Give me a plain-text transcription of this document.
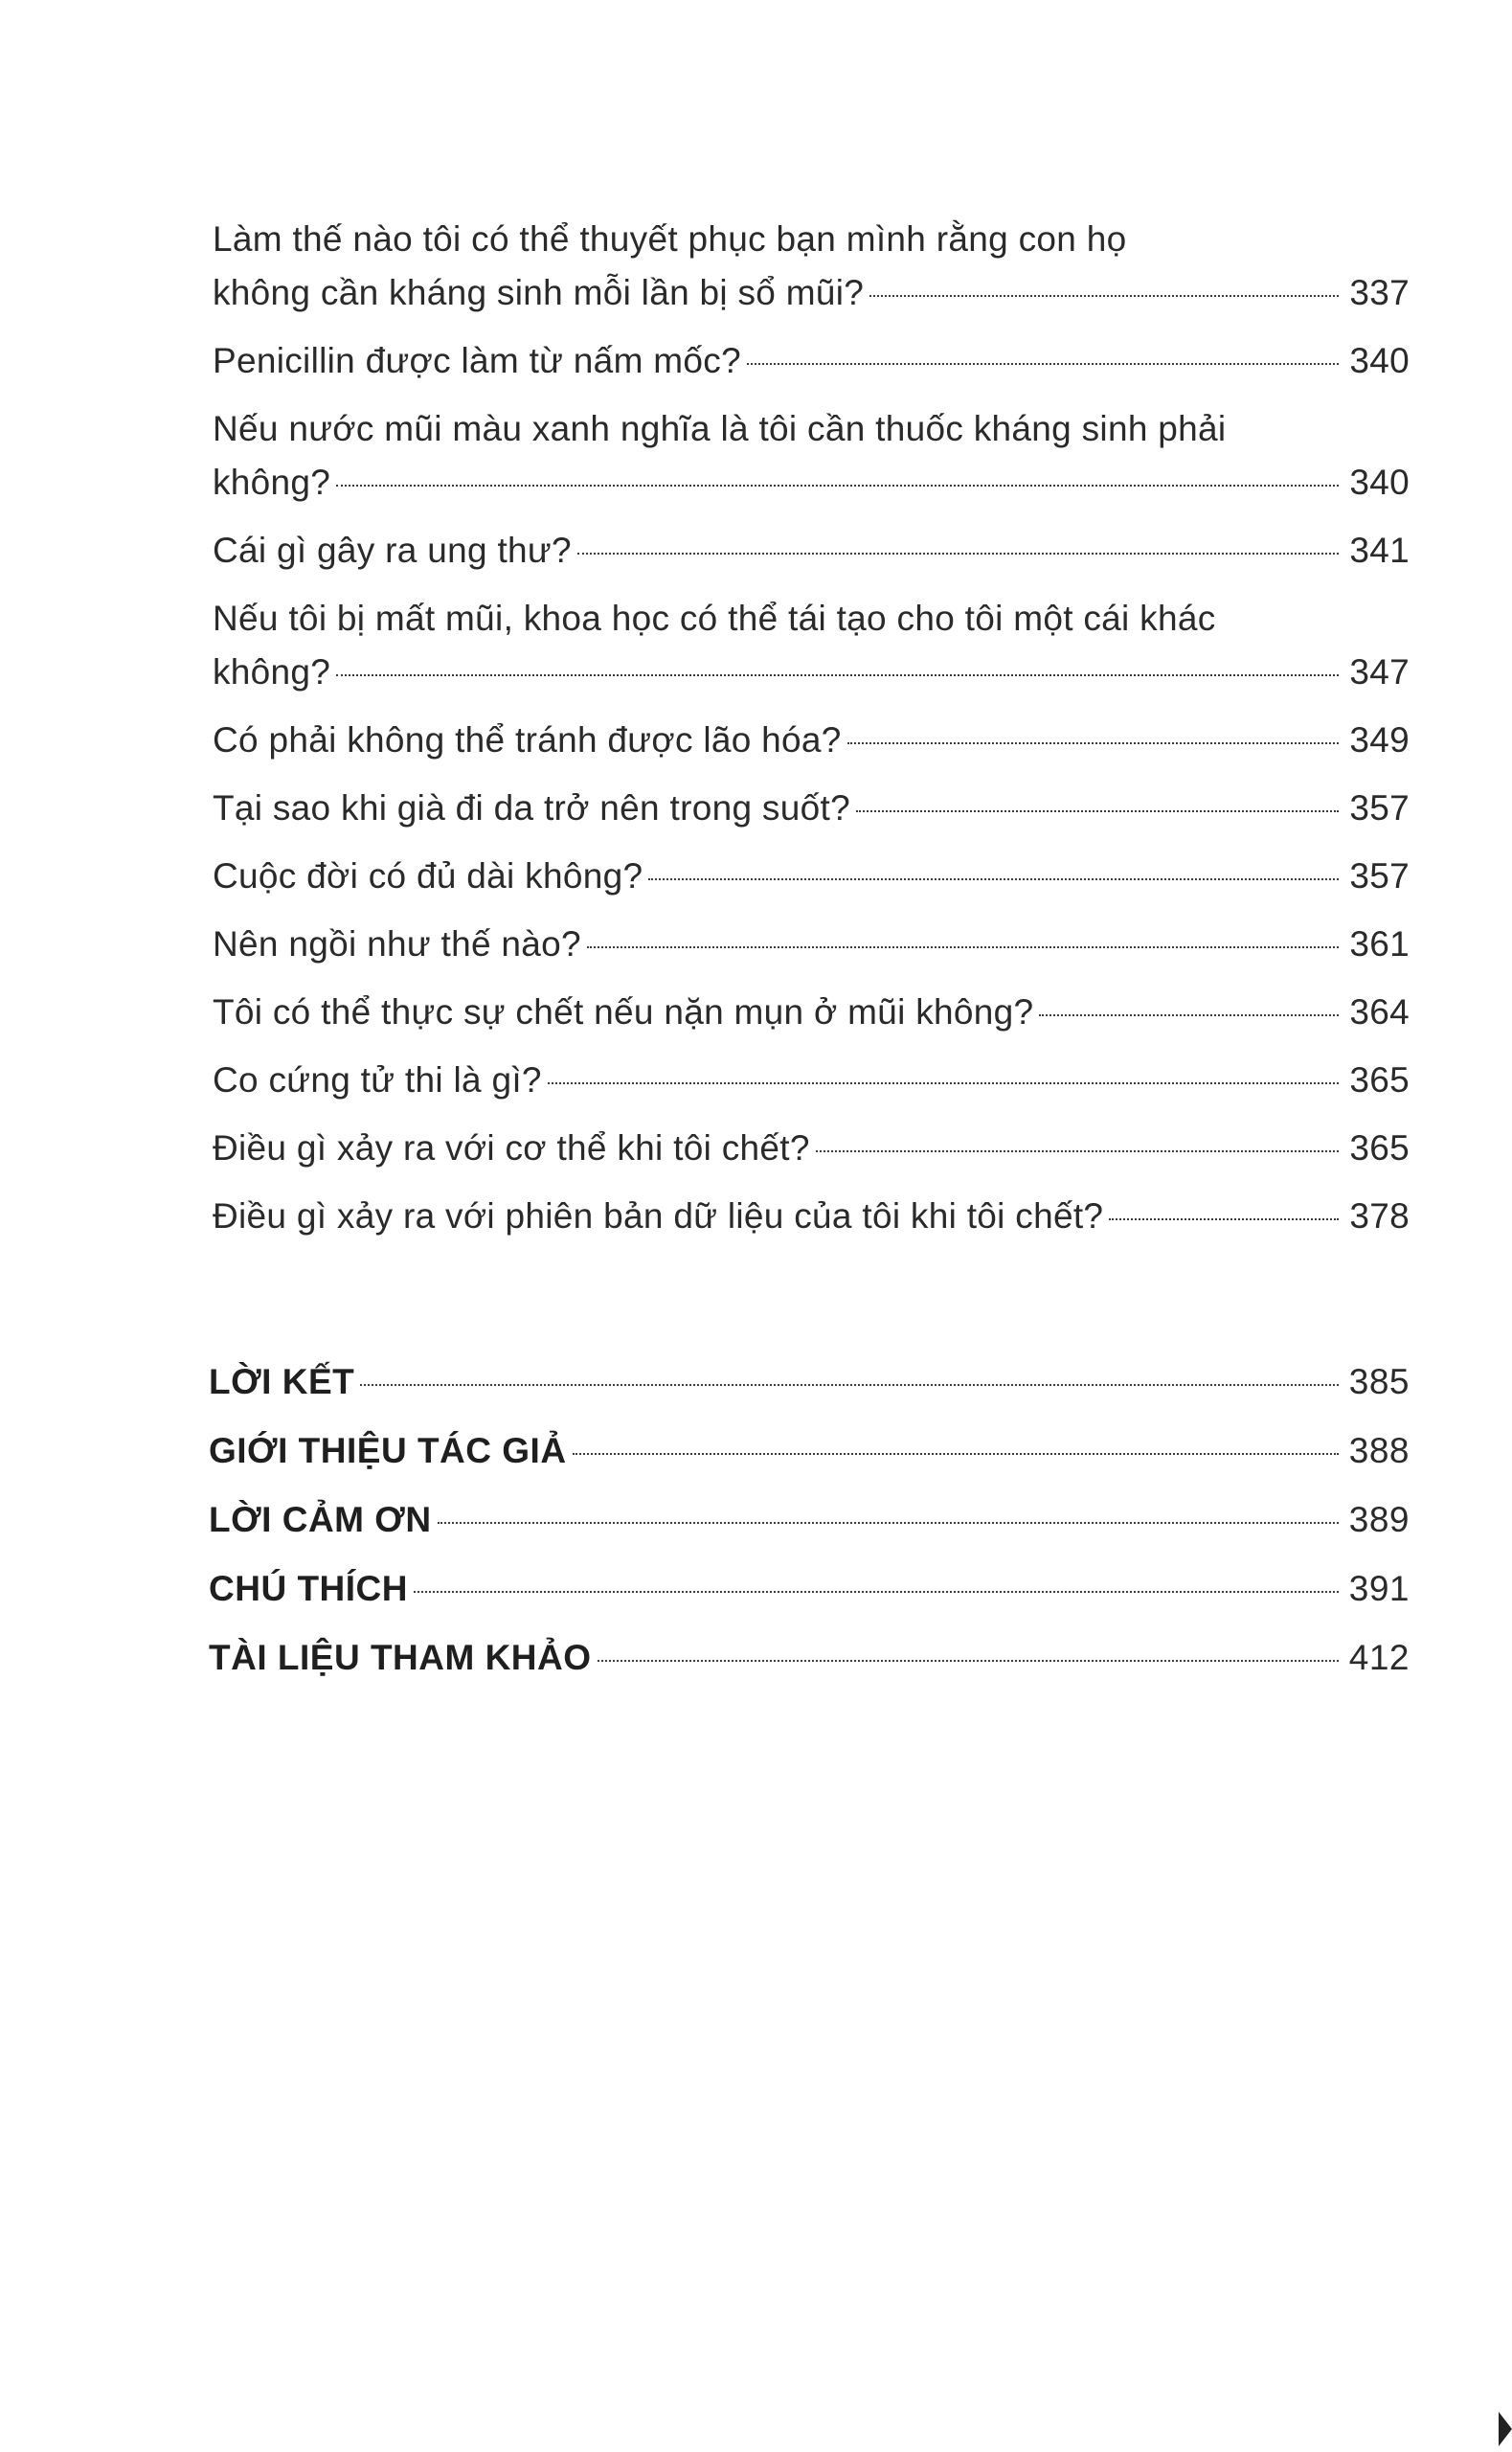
Làm thế nào tôi có thể thuyết phục bạn mình rằng con họ
không cần kháng sinh mỗi lần bị sổ mũi?	337
Penicillin được làm từ nấm mốc?	340
Nếu nước mũi màu xanh nghĩa là tôi cần thuốc kháng sinh phải
không?	340
Cái gì gây ra ung thư?	341
Nếu tôi bị mất mũi, khoa học có thể tái tạo cho tôi một cái khác
không?	347
Có phải không thể tránh được lão hóa?	349
Tại sao khi già đi da trở nên trong suốt?	357
Cuộc đời có đủ dài không?	357
Nên ngồi như thế nào?	361
Tôi có thể thực sự chết nếu nặn mụn ở mũi không?	364
Co cứng tử thi là gì?	365
Điều gì xảy ra với cơ thể khi tôi chết?	365
Điều gì xảy ra với phiên bản dữ liệu của tôi khi tôi chết?	378
LỜI KẾT	385
GIỚI THIỆU TÁC GIẢ	388
LỜI CẢM ƠN	389
CHÚ THÍCH	391
TÀI LIỆU THAM KHẢO	412
